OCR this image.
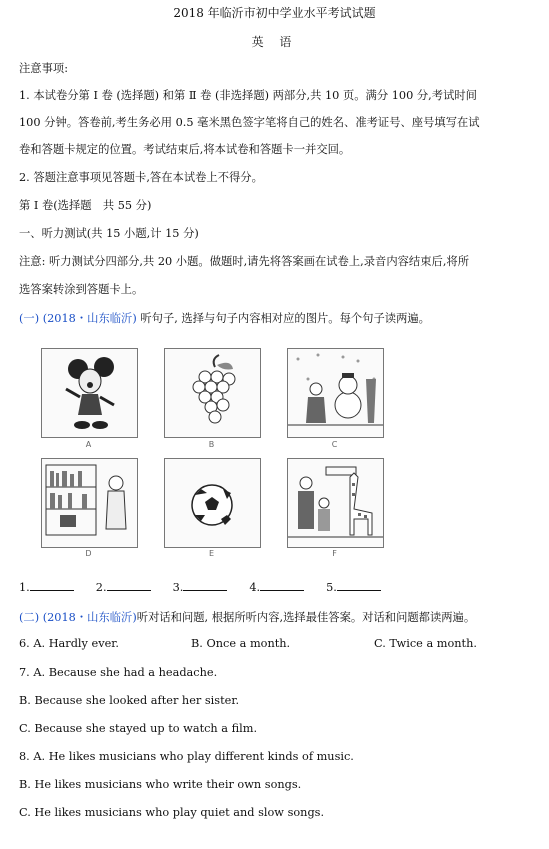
2018 年临沂市初中学业水平考试试题
英 语
注意事项:
1. 本试卷分第 I 卷 (选择题) 和第 Ⅱ 卷 (非选择题) 两部分,共 10 页。满分 100 分,考试时间
100 分钟。答卷前,考生务必用 0.5 毫米黑色签字笔将自己的姓名、准考证号、座号填写在试
卷和答题卡规定的位置。考试结束后,将本试卷和答题卡一并交回。
2. 答题注意事项见答题卡,答在本试卷上不得分。
第 I 卷(选择题　共 55 分)
一、听力测试(共 15 小题,计 15 分)
注意: 听力测试分四部分,共 20 小题。做题时,请先将答案画在试卷上,录音内容结束后,将所
选答案转涂到答题卡上。
(一) (2018・山东临沂) 听句子, 选择与句子内容相对应的图片。每个句子读两遍。
A	B	C
D	E	F
1.	2.	3.	4.	5.
(二) (2018・山东临沂)听对话和问题, 根据所听内容,选择最佳答案。对话和问题都读两遍。
6. A. Hardly ever.	B. Once a month.	C. Twice a month.
7. A. Because she had a headache.
B. Because she looked after her sister.
C. Because she stayed up to watch a film.
8. A. He likes musicians who play different kinds of music.
B. He likes musicians who write their own songs.
C. He likes musicians who play quiet and slow songs.
